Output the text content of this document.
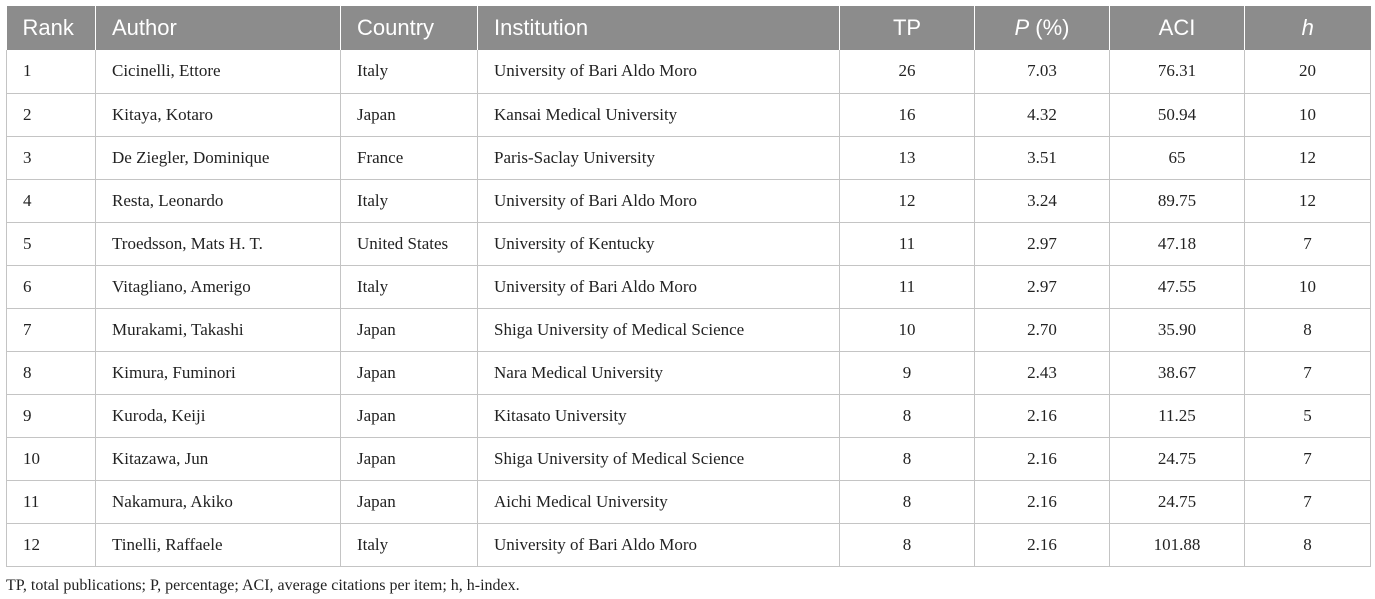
Rank	Author	Country	Institution	TP	P (%)	ACI	h
1	Cicinelli, Ettore	Italy	University of Bari Aldo Moro	26	7.03	76.31	20
2	Kitaya, Kotaro	Japan	Kansai Medical University	16	4.32	50.94	10
3	De Ziegler, Dominique	France	Paris-Saclay University	13	3.51	65	12
4	Resta, Leonardo	Italy	University of Bari Aldo Moro	12	3.24	89.75	12
5	Troedsson, Mats H. T.	United States	University of Kentucky	11	2.97	47.18	7
6	Vitagliano, Amerigo	Italy	University of Bari Aldo Moro	11	2.97	47.55	10
7	Murakami, Takashi	Japan	Shiga University of Medical Science	10	2.70	35.90	8
8	Kimura, Fuminori	Japan	Nara Medical University	9	2.43	38.67	7
9	Kuroda, Keiji	Japan	Kitasato University	8	2.16	11.25	5
10	Kitazawa, Jun	Japan	Shiga University of Medical Science	8	2.16	24.75	7
11	Nakamura, Akiko	Japan	Aichi Medical University	8	2.16	24.75	7
12	Tinelli, Raffaele	Italy	University of Bari Aldo Moro	8	2.16	101.88	8
TP, total publications; P, percentage; ACI, average citations per item; h, h-index.
